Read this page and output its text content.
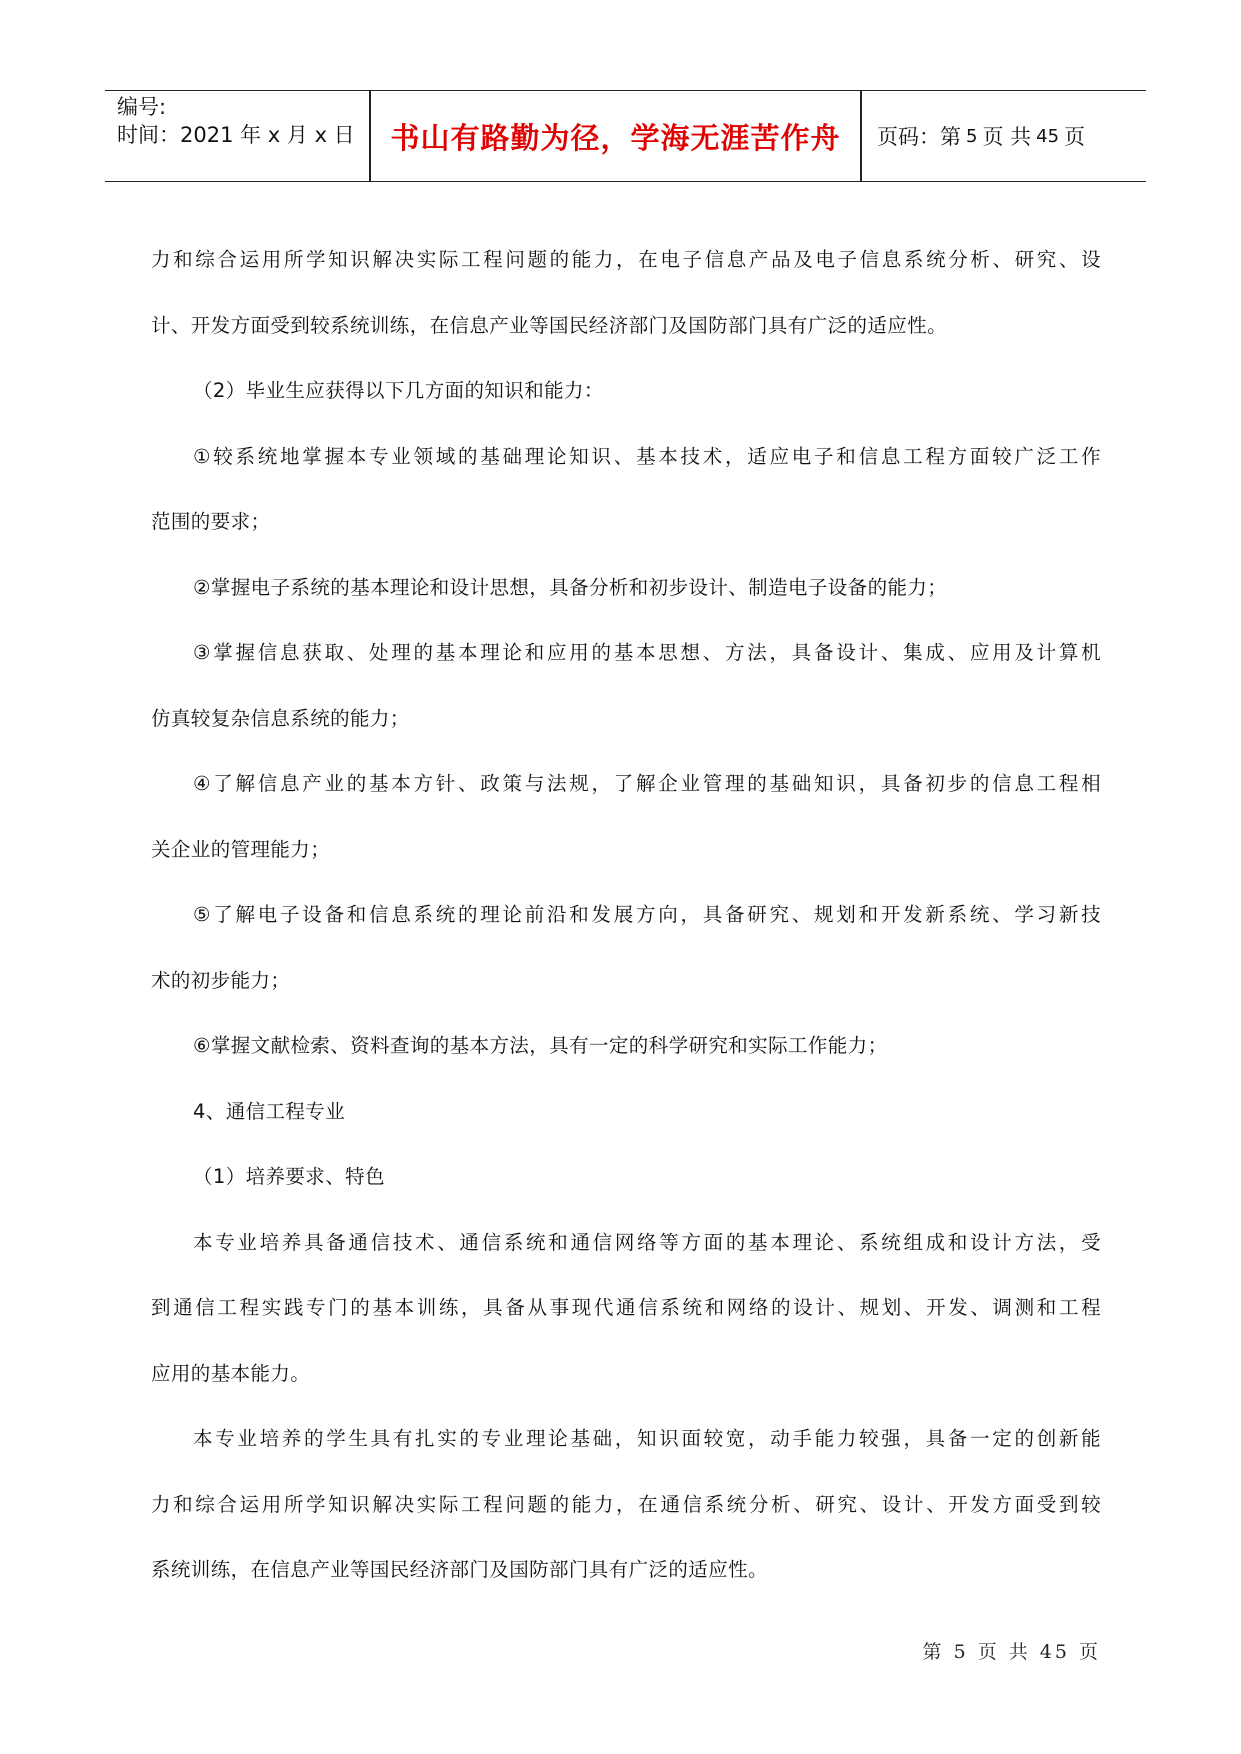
编号:
时间：2021 年 x 月 x 日	书山有路勤为径，学海无涯苦作舟	页码：第 5 页 共 45 页

力和综合运用所学知识解决实际工程问题的能力，在电子信息产品及电子信息系统分析、研究、设

计、开发方面受到较系统训练，在信息产业等国民经济部门及国防部门具有广泛的适应性。

（2）毕业生应获得以下几方面的知识和能力：

①较系统地掌握本专业领域的基础理论知识、基本技术，适应电子和信息工程方面较广泛工作

范围的要求；

②掌握电子系统的基本理论和设计思想，具备分析和初步设计、制造电子设备的能力；

③掌握信息获取、处理的基本理论和应用的基本思想、方法，具备设计、集成、应用及计算机

仿真较复杂信息系统的能力；

④了解信息产业的基本方针、政策与法规，了解企业管理的基础知识，具备初步的信息工程相

关企业的管理能力；

⑤了解电子设备和信息系统的理论前沿和发展方向，具备研究、规划和开发新系统、学习新技

术的初步能力；

⑥掌握文献检索、资料查询的基本方法，具有一定的科学研究和实际工作能力；

4、通信工程专业

（1）培养要求、特色

本专业培养具备通信技术、通信系统和通信网络等方面的基本理论、系统组成和设计方法，受

到通信工程实践专门的基本训练，具备从事现代通信系统和网络的设计、规划、开发、调测和工程

应用的基本能力。

本专业培养的学生具有扎实的专业理论基础，知识面较宽，动手能力较强，具备一定的创新能

力和综合运用所学知识解决实际工程问题的能力，在通信系统分析、研究、设计、开发方面受到较

系统训练，在信息产业等国民经济部门及国防部门具有广泛的适应性。

第 5 页 共 45 页
